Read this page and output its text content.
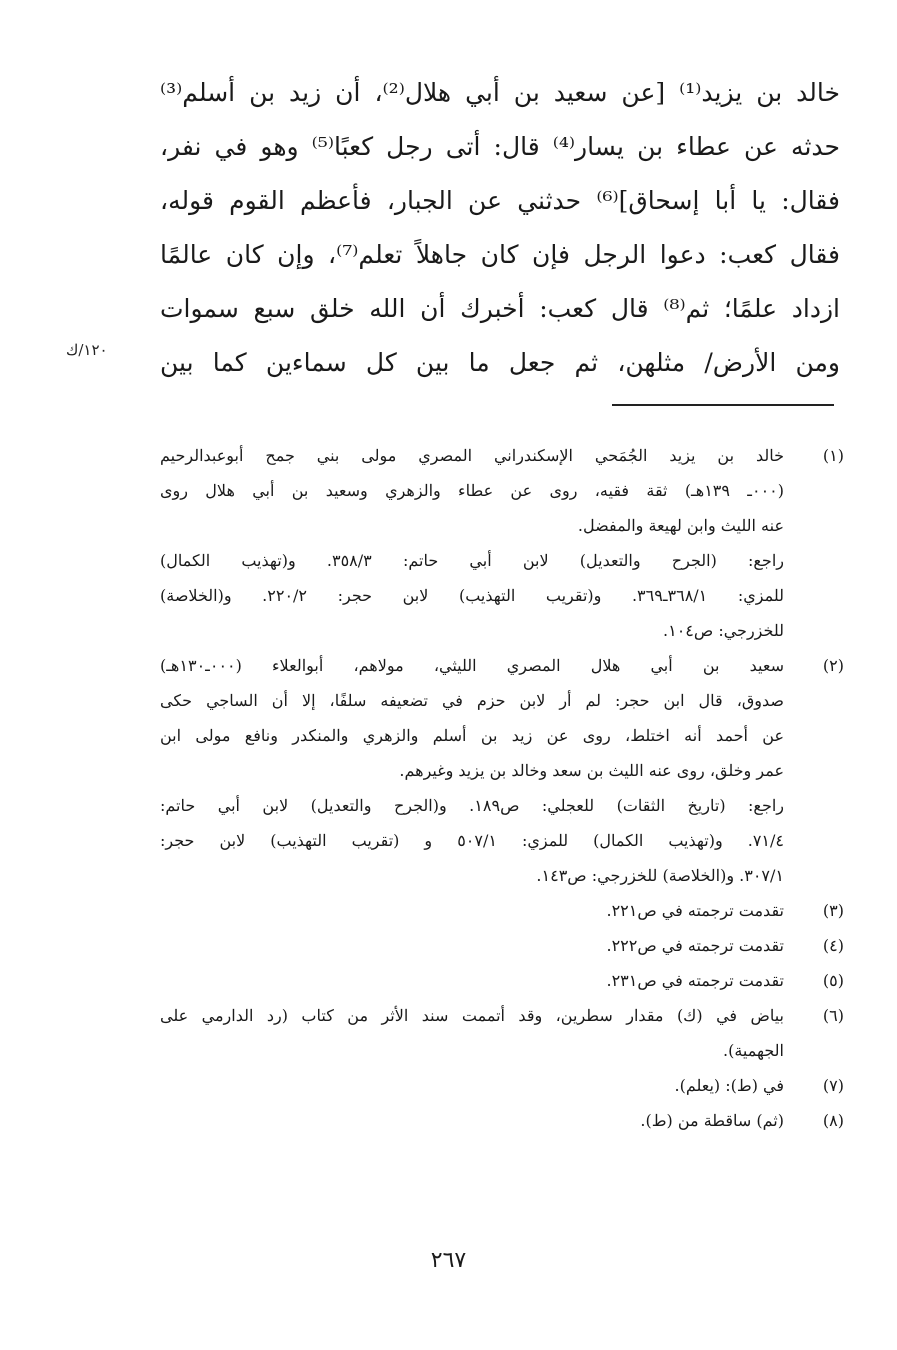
خالد بن يزيد⁽¹⁾ [عن سعيد بن أبي هلال⁽²⁾، أن زيد بن أسلم⁽³⁾
حدثه عن عطاء بن يسار⁽⁴⁾ قال: أتى رجل كعبًا⁽⁵⁾ وهو في نفر،
فقال: يا أبا إسحاق]⁽⁶⁾ حدثني عن الجبار، فأعظم القوم قوله،
فقال كعب: دعوا الرجل فإن كان جاهلاً تعلم⁽⁷⁾، وإن كان عالمًا
ازداد علمًا؛ ثم⁽⁸⁾ قال كعب: أخبرك أن الله خلق سبع سموات
ومن الأرض/ مثلهن، ثم جعل ما بين كل سماءين كما بين
١٢٠/ك
(١)
خالد بن يزيد الجُمَحي الإسكندراني المصري مولى بني جمح أبوعبدالرحيم
(٠٠٠ـ ١٣٩هـ) ثقة فقيه، روى عن عطاء والزهري وسعيد بن أبي هلال روى
عنه الليث وابن لهيعة والمفضل.
راجع: (الجرح والتعديل) لابن أبي حاتم: ٣٥٨/٣. و(تهذيب الكمال)
للمزي: ٣٦٨/١ـ٣٦٩. و(تقريب التهذيب) لابن حجر: ٢٢٠/٢. و(الخلاصة)
للخزرجي: ص١٠٤.
(٢)
سعيد بن أبي هلال المصري الليثي، مولاهم، أبوالعلاء (٠٠٠ـ١٣٠هـ)
صدوق، قال ابن حجر: لم أر لابن حزم في تضعيفه سلفًا، إلا أن الساجي حكى
عن أحمد أنه اختلط، روى عن زيد بن أسلم والزهري والمنكدر ونافع مولى ابن
عمر وخلق، روى عنه الليث بن سعد وخالد بن يزيد وغيرهم.
راجع: (تاريخ الثقات) للعجلي: ص١٨٩. و(الجرح والتعديل) لابن أبي حاتم:
٧١/٤. و(تهذيب الكمال) للمزي: ٥٠٧/١ و (تقريب التهذيب) لابن حجر:
٣٠٧/١. و(الخلاصة) للخزرجي: ص١٤٣.
(٣)
تقدمت ترجمته في ص٢٢١.
(٤)
تقدمت ترجمته في ص٢٢٢.
(٥)
تقدمت ترجمته في ص٢٣١.
(٦)
بياض في (ك) مقدار سطرين، وقد أتممت سند الأثر من كتاب (رد الدارمي على
الجهمية).
(٧)
في (ط): (يعلم).
(٨)
(ثم) ساقطة من (ط).
٢٦٧
